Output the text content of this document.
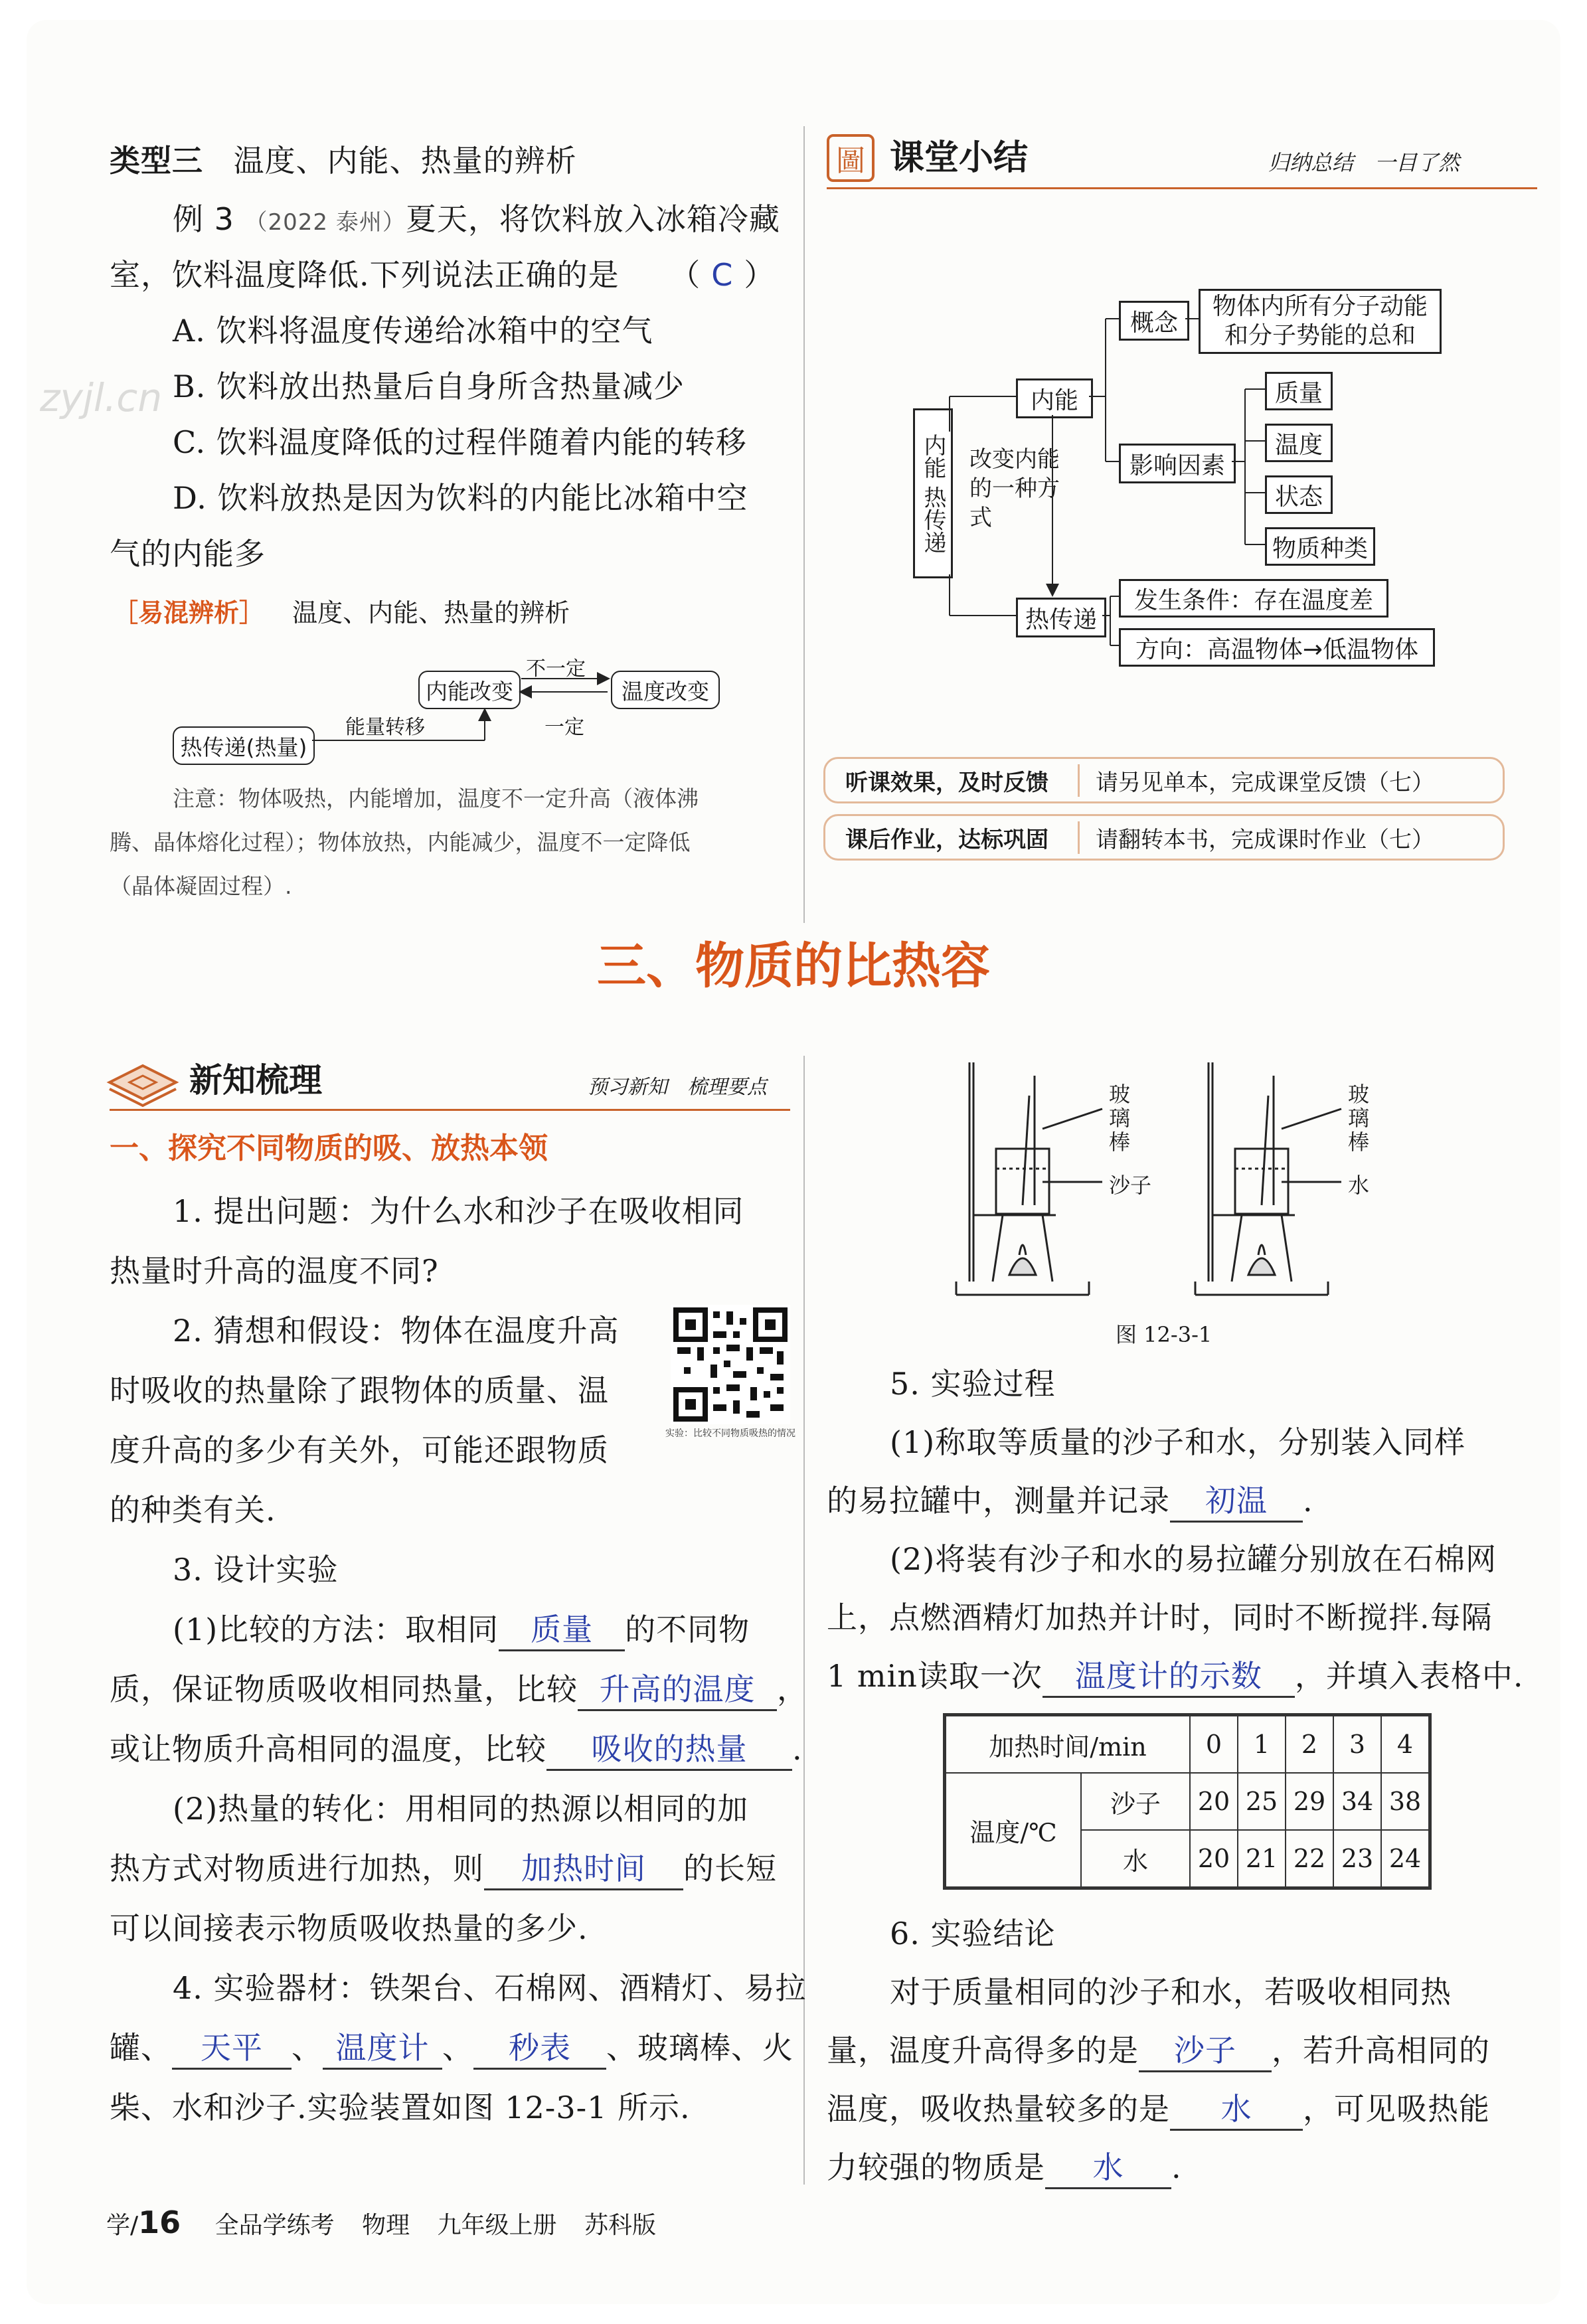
类型三 温度、内能、热量的辨析
例 3 （2022 泰州）夏天，将饮料放入冰箱冷藏
室，饮料温度降低.下列说法正确的是 （ C ）
A. 饮料将温度传递给冰箱中的空气
B. 饮料放出热量后自身所含热量减少
C. 饮料温度降低的过程伴随着内能的转移
D. 饮料放热是因为饮料的内能比冰箱中空
气的内能多
［易混辨析］ 温度、内能、热量的辨析
内能改变	温度改变
热传递(热量)
不一定
一定
能量转移
注意：物体吸热，内能增加，温度不一定升高（液体沸
腾、晶体熔化过程）；物体放热，内能减少，温度不一定降低
（晶体凝固过程）.
圖 课堂小结	归纳总结　一目了然
内能 热传递 改变内能的一种方式
内能
热传递
概念
物体内所有分子动能
和分子势能的总和
影响因素
质量
温度
状态
物质种类
发生条件：存在温度差
方向：高温物体→低温物体
听课效果，及时反馈	请另见单本，完成课堂反馈（七）
课后作业，达标巩固	请翻转本书，完成课时作业（七）
三、物质的比热容
新知梳理	预习新知　梳理要点
一、探究不同物质的吸、放热本领
1. 提出问题：为什么水和沙子在吸收相同
热量时升高的温度不同?
2. 猜想和假设：物体在温度升高
时吸收的热量除了跟物体的质量、温
度升高的多少有关外，可能还跟物质
的种类有关.
实验：比较不同物质吸热的情况
3. 设计实验
(1)比较的方法：取相同 质量 的不同物
质，保证物质吸收相同热量，比较 升高的温度 ，
或让物质升高相同的温度，比较 吸收的热量 .
(2)热量的转化：用相同的热源以相同的加
热方式对物质进行加热，则 加热时间 的长短
可以间接表示物质吸收热量的多少.
4. 实验器材：铁架台、石棉网、酒精灯、易拉
罐、 天平 、 温度计 、 秒表 、玻璃棒、火
柴、水和沙子.实验装置如图 12-3-1 所示.
玻璃棒
沙子
玻璃棒
水
图 12-3-1
5. 实验过程
(1)称取等质量的沙子和水，分别装入同样
的易拉罐中，测量并记录 初温 .
(2)将装有沙子和水的易拉罐分别放在石棉网
上，点燃酒精灯加热并计时，同时不断搅拌.每隔
1 min读取一次 温度计的示数 ，并填入表格中.
加热时间/min		0	1	2	3	4
温度/℃	沙子	20	25	29	34	38
	水	20	21	22	23	24
6. 实验结论
对于质量相同的沙子和水，若吸收相同热
量，温度升高得多的是 沙子 ，若升高相同的
温度，吸收热量较多的是 水 ，可见吸热能
力较强的物质是 水 .
学/16 全品学练考 物理 九年级上册 苏科版
zyjl.cn
